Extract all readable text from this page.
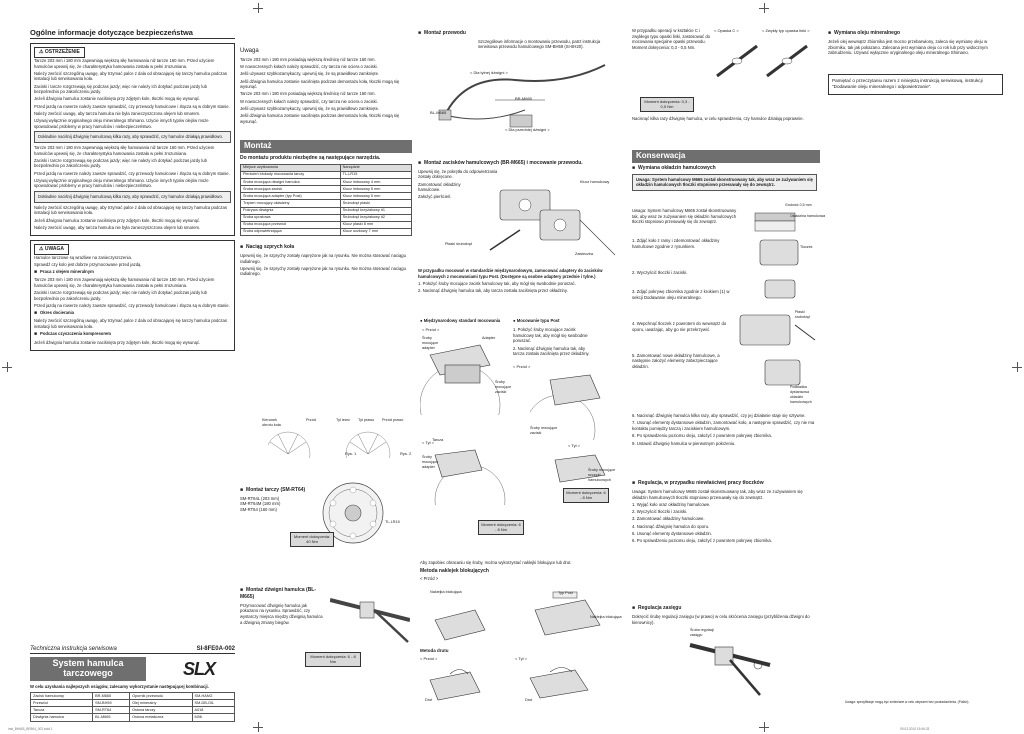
Ogólne informacje dotyczące bezpieczeństwa
⚠ OSTRZEŻENIE

Tarcze 203 mm i 180 mm zapewniają większą siłę hamowania niż tarcze 160 mm. Przed użyciem hamulców upewnij się, że charakterystyka hamowania została w pełni zrozumiana.

Należy zwrócić szczególną uwagę, aby trzymać palce z dala od obracającej się tarczy hamulca podczas instalacji lub serwisowania koła.

Zaciski i tarcze rozgrzewają się podczas jazdy; więc nie należy ich dotykać podczas jazdy lub bezpośrednio po zakończeniu jazdy.

Jeżeli dźwignia hamulca zostanie naciśnięta przy zdjętym kole, tłoczki mogą się wysunąć.

Przed jazdą na rowerze należy zawsze sprawdzić, czy przewody hamulcowe i złącza są w dobrym stanie.

Należy zwrócić uwagę, aby tarcza hamulca nie była zanieczyszczona olejem lub smarem.

Używaj wyłącznie oryginalnego oleju mineralnego Shimano. Użycie innych typów olejów może spowodować problemy w pracy hamulców i niebezpieczeństwo.

Dokładnie naciśnij dźwignię hamulcową kilka razy, aby sprawdzić, czy hamulce działają prawidłowo.

Tarcze 203 mm i 180 mm zapewniają większą siłę hamowania niż tarcze 160 mm. Przed użyciem hamulców upewnij się, że charakterystyka hamowania została w pełni zrozumiana.

Zaciski i tarcze rozgrzewają się podczas jazdy; więc nie należy ich dotykać podczas jazdy lub bezpośrednio po zakończeniu jazdy.

Przed jazdą na rowerze należy zawsze sprawdzić, czy przewody hamulcowe i złącza są w dobrym stanie.

Używaj wyłącznie oryginalnego oleju mineralnego Shimano. Użycie innych typów olejów może spowodować problemy w pracy hamulców i niebezpieczeństwo.

Dokładnie naciśnij dźwignię hamulcową kilka razy, aby sprawdzić, czy hamulce działają prawidłowo.

Należy zwrócić szczególną uwagę, aby trzymać palce z dala od obracającej się tarczy hamulca podczas instalacji lub serwisowania koła.

Jeżeli dźwignia hamulca zostanie naciśnięta przy zdjętym kole, tłoczki mogą się wysunąć.

Należy zwrócić uwagę, aby tarcza hamulca nie była zanieczyszczona olejem lub smarem.

⚠ UWAGA

Hamulce tarczowe są wrażliwe na zanieczyszczenia.

Sprawdź czy kolo jest dobrze przymocowane przed jazdą.

■ Praca z olejem mineralnym

Tarcze 203 mm i 180 mm zapewniają większą siłę hamowania niż tarcze 160 mm. Przed użyciem hamulców upewnij się, że charakterystyka hamowania została w pełni zrozumiana.

Zaciski i tarcze rozgrzewają się podczas jazdy; więc nie należy ich dotykać podczas jazdy lub bezpośrednio po zakończeniu jazdy.

Przed jazdą na rowerze należy zawsze sprawdzić, czy przewody hamulcowe i złącza są w dobrym stanie.

■ Okres docierania

Należy zwrócić szczególną uwagę, aby trzymać palce z dala od obracającej się tarczy hamulca podczas instalacji lub serwisowania koła.

■ Podczas czyszczenia kompresorem

Jeżeli dźwignia hamulca zostanie naciśnięta przy zdjętym kole, tłoczki mogą się wysunąć.

Techniczna instrukcja serwisowa	SI-8FE0A-002
System hamulca tarczowego	SLX
W celu uzyskania najlepszych osiągów, zalecamy wykorzystanie następującej kombinacji.
Zacisk hamulcowy	BR-M665	Opornik przewodu	SM-HANG
Przewód	SM-BH59	Olej mineralny	SM-DB-OIL
Tarcza	SM-RT64	Osłona tarczy	A018
Dźwignia hamulca	BL-M665	Osłona metaliczna	M06
Uwaga

Tarcze 203 mm i 180 mm posiadają większą średnicę niż tarcze 160 mm.

W nowoczesnych kołach należy sprawdzić, czy tarcza nie ociera o zaciski.

Jeśli używasz szybkozamykaczy, upewnij się, że są prawidłowo zamknięte.

Jeśli dźwignia hamulca zostanie naciśnięta podczas demontażu koła, tłoczki mogą się wysunąć.

Tarcze 203 mm i 180 mm posiadają większą średnicę niż tarcze 160 mm.

W nowoczesnych kołach należy sprawdzić, czy tarcza nie ociera o zaciski.

Jeśli używasz szybkozamykaczy, upewnij się, że są prawidłowo zamknięte.

Jeśli dźwignia hamulca zostanie naciśnięta podczas demontażu koła, tłoczki mogą się wysunąć.

Montaż
Do montażu produktu niezbędne są następujące narzędzia.
Miejsce użytkowania	Narzędzie
Pierścień blokady mocowania tarczy	TL-LR15
Śruba mocująca dźwigni hamulca	Klucz imbusowy 4 mm
Śruba mocująca zacisk	Klucz imbusowy 5 mm
Śruba mocująca adapter (typ Post)	Klucz imbusowy 5 mm
Trzpień mocujący okładziny	Śrubokręt płaski
Pokrywa dźwignia	Śrubokręt krzyżakowy #1
Śruba upustowa	Śrubokręt krzyżakowy #2
Śruba mocująca przewód	Klucz płaski 8 mm
Śruba odpowietrzająca	Klucz oczkowy 7 mm
■ Naciąg szprych koła

Upewnij się, że szprychy zostały naprężone jak na rysunku. Nie można stosować naciągu radialnego.

Upewnij się, że szprychy zostały naprężone jak na rysunku. Nie można stosować naciągu radialnego.

Kierunek obrotu koła
Przód	Tył lewo Tył prawo Przód prawo
Rys. 1	Rys. 2
■ Montaż tarczy (SM-RT64)

SM-RT64L (203 mm)

SM-RT64M (180 mm)

SM-RT64 (160 mm)

Moment dokręcenia: 40 Nm
TL-LR15
■ Montaż dźwigni hamulca (BL-M665)

Przymocować dźwignię hamulca jak pokazano na rysunku. Sprawdzić, czy wystarczy miejsca między dźwignią hamulca a dźwignią zmiany biegów.

Moment dokręcenia: 6 - 8 Nm
■ Montaż przewodu

Szczegółowe informacje o montowaniu przewodu, patrz instrukcja serwisowa przewodu hamulcowego SM-BH59 (SI-8H20).

< Dla tylnej dźwigni >
BL-M665
BR-M665
< Dla przedniej dźwigni >
■ Montaż zacisków hamulcowych (BR-M665) i mocowanie przewodu.

Upewnij się, że pokrętła do odpowietrzania zostały dokręcone.

Zamontować okładziny hamulcowe.

Założyć pierścień.

Klucz hamulcowy
Płaski śrubokręt
Zawleczka

W przypadku mocowań w standardzie międzynarodowym, zamocować adaptery do zacisków hamulcowych z mocowaniami typu Post. (Dostępne są osobne adaptery przednie i tylne.)

1. Położyć śruby mocujące zacisk hamulcowy tak, aby mógł się swobodnie poruszać.

2. Nacisnąć dźwignię hamulca tak, aby tarcza została zaciśnięta przez okładziny.

● Międzynarodowy standard mocowania	● Mocowanie typu Post
< Przód >	1. Położyć śruby mocujące zacisk hamulcowy tak, aby mógł się swobodnie poruszać.

2. Nacisnąć dźwignię hamulca tak, aby tarcza została zaciśnięta przez okładziny.

< Przód >
Śruby mocujące adapter
Adapter
Śruby mocujące zaciski
Tarcza
Śruby mocujące zaciski
< Tył >
Śruby mocujące adapter
< Tył >
Śruby mocujące szczęki hamulcowych
Moment dokręcenia: 6 - 8 Nm
Moment dokręcenia: 6 - 8 Nm

Aby zapobiec obracaniu się śruby, można wykorzystać naklejki blokujące lub drut.

Metoda naklejek blokujących
< Przód >
Naklejka blokująca	Typ Post
Naklejka blokująca
Metoda drutu
< Przód >	< Tył >
Drut	Drut

W przypadku operacji w kształcie C i zwykłego typu opaski linki, zastosować do mocowania specjalne opaski przewodu. Moment dokręcenia: 0,3 - 0,5 Nm.

< Opaska C >	< Zwykły typ opaska linki >
Moment dokręcenia: 0,3 - 0,5 Nm

Nacisnąć kilka razy dźwignię hamulca, w celu sprawdzenia, czy hamulce działają poprawnie.

Konserwacja
■ Wymiana okładzin hamulcowych
Uwaga: System hamulcowy M665 został skonstruowany tak, aby wraz ze zużywaniem się okładzin hamulcowych tłoczki stopniowo przesuwały się do zewnątrz.

Uwaga: System hamulcowy M665 został skonstruowany tak, aby wraz ze zużywaniem się okładzin hamulcowych tłoczki stopniowo przesuwały się do zewnątrz.

Grubość 0,5 mm
Okładzina hamulcowa

1. Zdjąć koło z ramy i zdemontować okładziny hamulcowe zgodnie z rysunkiem.

2. Wyczyścić tłoczki i zaciski.

3. Zdjąć pokrywę zbiornika zgodnie z krokiem (1) w sekcji Dodawanie oleju mineralnego.

4. Wepchnąć tłoczek z powrotem do wewnątrz do oporu, uważając, aby go nie przekrzywić.

5. Zamontować nowe okładziny hamulcowe, a następnie założyć elementy zabezpieczające okładzin.

Tłoczek
Płaski śrubokręt
Podkładka dystansowa okładzin hamulcowych

6. Nacisnąć dźwignię hamulca kilka razy, aby sprawdzić, czy jej działanie staje się sztywne.

7. Usunąć elementy dystansowe okładzin, zamontować koło, a następnie sprawdzić, czy nie ma kontaktu pomiędzy tarczą i zaciskiem hamulcowym.

8. Po sprawdzeniu poziomu oleju, założyć z powrotem pokrywę zbiornika.

9. Ustawić dźwignię hamulca w pierwotnym położeniu.

■ Regulacja, w przypadku niewłaściwej pracy tłoczków

Uwaga: System hamulcowy M665 został skonstruowany tak, aby wraz ze zużywaniem się okładzin hamulcowych tłoczki stopniowo przesuwały się do zewnątrz.

1. Wyjąć koło oraz okładziny hamulcowe.

2. Wyczyścić tłoczki i zaciski.

3. Zamontować okładziny hamulcowe.

4. Nacisnąć dźwignię hamulca do oporu.

5. Usunąć elementy dystansowe okładzin.

6. Po sprawdzeniu poziomu oleju, założyć z powrotem pokrywę zbiornika.

■ Regulacja zasięgu

Dokręcić śrubę regulacji zasięgu (w prawo) w celu skrócenia zasięgu (przybliżenia dźwigni do kierownicy).

Śruba regulacji zasięgu
■ Wymiana oleju mineralnego

Jeżeli olej wewnątrz zbiornika jest mocno przebarwiony, zaleca się wymianę oleju w zbiorniku, tak jak pokazano. Zalecana jest wymiana oleju co rok lub przy widocznym zabrudzeniu. Używać wyłącznie oryginalnego oleju mineralnego Shimano.

Pamiętać o przeczytaniu razem z niniejszą instrukcją serwisową, instrukcji "Dodawanie oleju mineralnego i odpowietrzanie".
Uwaga: specyfikacje mogą być zmieniane w celu ulepszeń bez powiadomienia. (Polish)
inst_BH665_BR564_002.indd 1	09.03.2010 15:46:33
